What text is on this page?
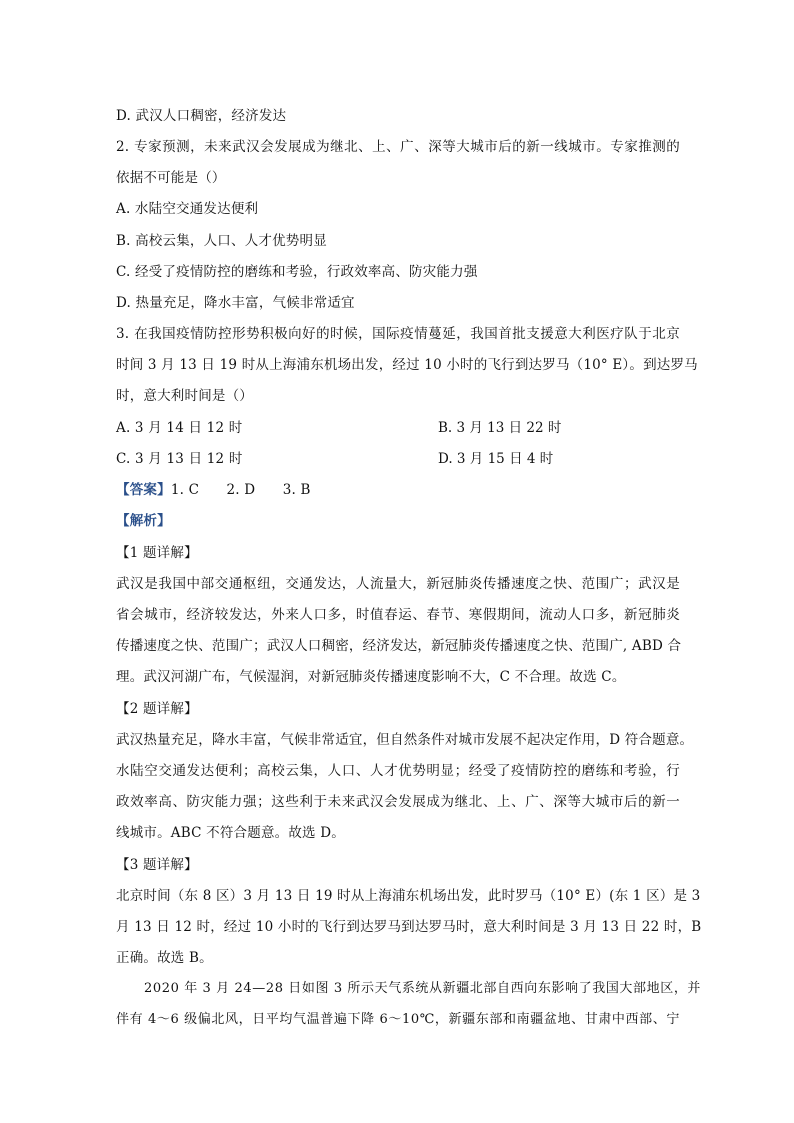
D. 武汉人口稠密，经济发达
2. 专家预测，未来武汉会发展成为继北、上、广、深等大城市后的新一线城市。专家推测的
依据不可能是（）
A. 水陆空交通发达便利
B. 高校云集，人口、人才优势明显
C. 经受了疫情防控的磨练和考验，行政效率高、防灾能力强
D. 热量充足，降水丰富，气候非常适宜
3. 在我国疫情防控形势积极向好的时候，国际疫情蔓延，我国首批支援意大利医疗队于北京
时间 3 月 13 日 19 时从上海浦东机场出发，经过 10 小时的飞行到达罗马（10° E）。到达罗马
时，意大利时间是（）
A. 3 月 14 日 12 时	B. 3 月 13 日 22 时
C. 3 月 13 日 12 时	D. 3 月 15 日 4 时
【答案】1. C　　2. D　　3. B
【解析】
【1 题详解】
武汉是我国中部交通枢纽，交通发达，人流量大，新冠肺炎传播速度之快、范围广；武汉是
省会城市，经济较发达，外来人口多，时值春运、春节、寒假期间，流动人口多，新冠肺炎
传播速度之快、范围广；武汉人口稠密，经济发达，新冠肺炎传播速度之快、范围广, ABD 合
理。武汉河湖广布，气候湿润，对新冠肺炎传播速度影响不大，C 不合理。故选 C。
【2 题详解】
武汉热量充足，降水丰富，气候非常适宜，但自然条件对城市发展不起决定作用，D 符合题意。
水陆空交通发达便利；高校云集，人口、人才优势明显；经受了疫情防控的磨练和考验，行
政效率高、防灾能力强；这些利于未来武汉会发展成为继北、上、广、深等大城市后的新一
线城市。ABC 不符合题意。故选 D。
【3 题详解】
北京时间（东 8 区）3 月 13 日 19 时从上海浦东机场出发，此时罗马（10° E）(东 1 区）是 3
月 13 日 12 时，经过 10 小时的飞行到达罗马到达罗马时，意大利时间是 3 月 13 日 22 时，B
正确。故选 B。
2020 年 3 月 24—28 日如图 3 所示天气系统从新疆北部自西向东影响了我国大部地区，并
伴有 4～6 级偏北风，日平均气温普遍下降 6～10℃，新疆东部和南疆盆地、甘肃中西部、宁
